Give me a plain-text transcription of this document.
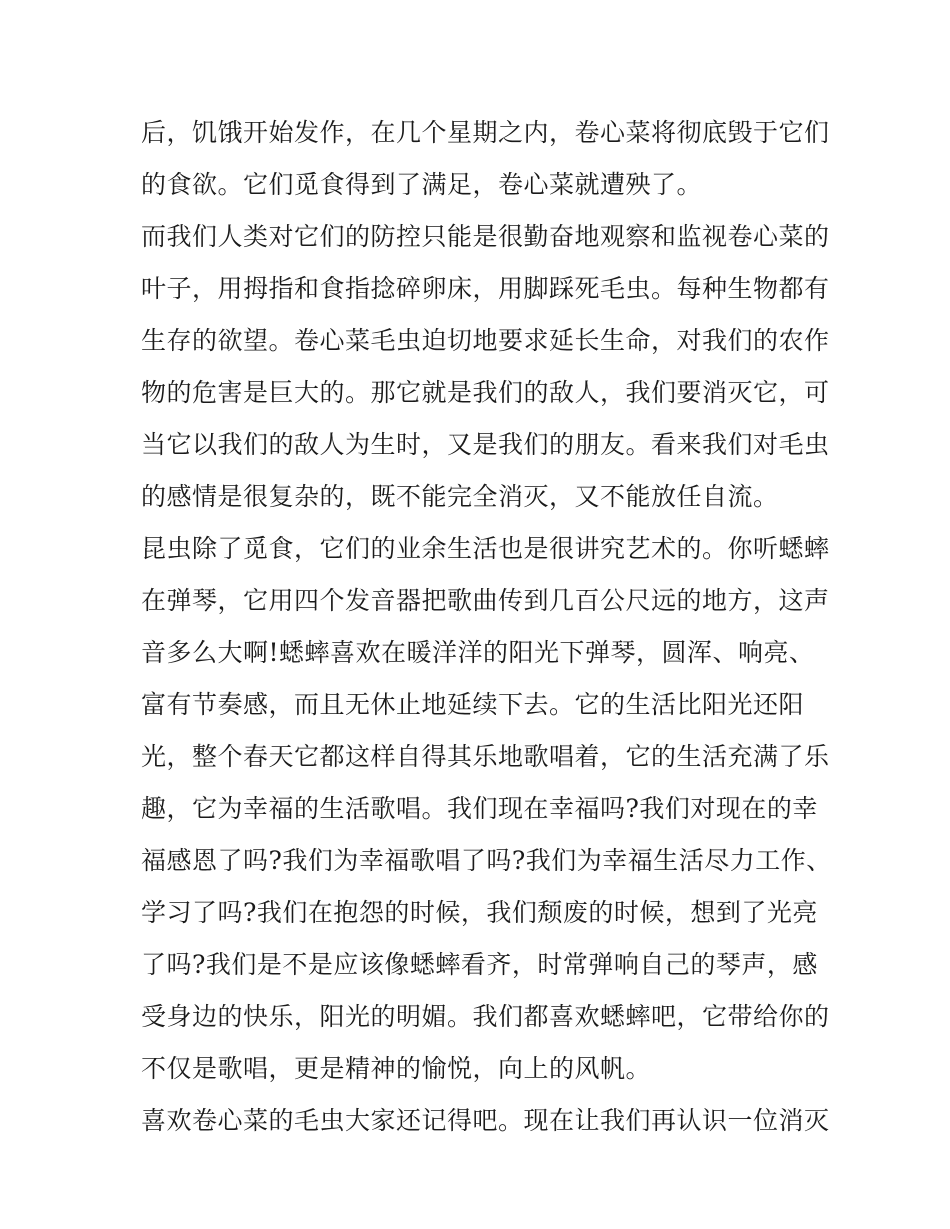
后，饥饿开始发作，在几个星期之内，卷心菜将彻底毁于它们
的食欲。它们觅食得到了满足，卷心菜就遭殃了。
而我们人类对它们的防控只能是很勤奋地观察和监视卷心菜的
叶子，用拇指和食指捻碎卵床，用脚踩死毛虫。每种生物都有
生存的欲望。卷心菜毛虫迫切地要求延长生命，对我们的农作
物的危害是巨大的。那它就是我们的敌人，我们要消灭它，可
当它以我们的敌人为生时，又是我们的朋友。看来我们对毛虫
的感情是很复杂的，既不能完全消灭，又不能放任自流。
昆虫除了觅食，它们的业余生活也是很讲究艺术的。你听蟋蟀
在弹琴，它用四个发音器把歌曲传到几百公尺远的地方，这声
音多么大啊!蟋蟀喜欢在暖洋洋的阳光下弹琴，圆浑、响亮、
富有节奏感，而且无休止地延续下去。它的生活比阳光还阳
光，整个春天它都这样自得其乐地歌唱着，它的生活充满了乐
趣，它为幸福的生活歌唱。我们现在幸福吗?我们对现在的幸
福感恩了吗?我们为幸福歌唱了吗?我们为幸福生活尽力工作、
学习了吗?我们在抱怨的时候，我们颓废的时候，想到了光亮
了吗?我们是不是应该像蟋蟀看齐，时常弹响自己的琴声，感
受身边的快乐，阳光的明媚。我们都喜欢蟋蟀吧，它带给你的
不仅是歌唱，更是精神的愉悦，向上的风帆。
喜欢卷心菜的毛虫大家还记得吧。现在让我们再认识一位消灭
